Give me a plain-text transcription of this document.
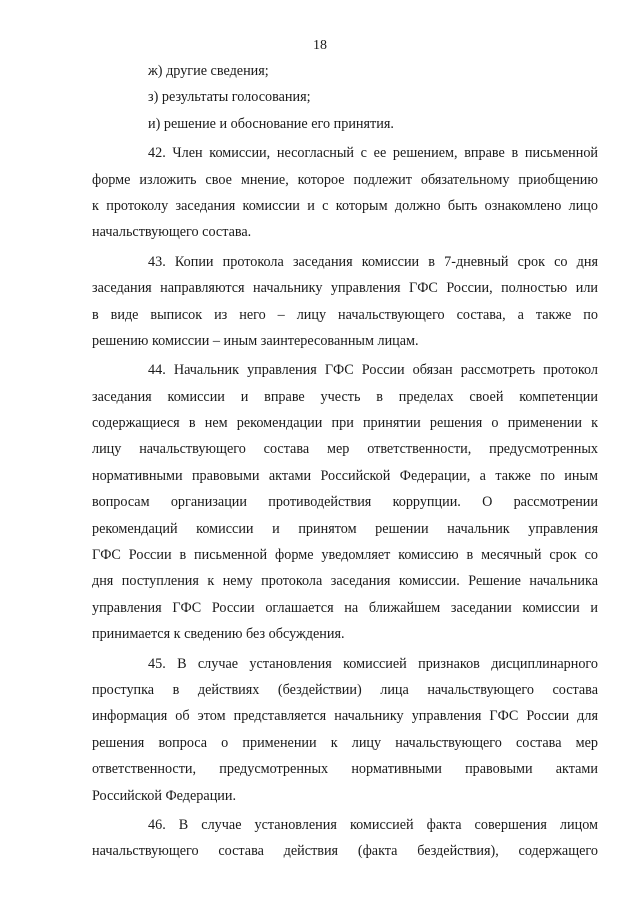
18

ж) другие сведения;

з) результаты голосования;

и) решение и обоснование его принятия.

42. Член комиссии, несогласный с ее решением, вправе в письменной
форме изложить свое мнение, которое подлежит обязательному приобщению
к протоколу заседания комиссии и с которым должно быть ознакомлено лицо
начальствующего состава.

43. Копии протокола заседания комиссии в 7-дневный срок со дня
заседания направляются начальнику управления ГФС России, полностью или
в виде выписок из него – лицу начальствующего состава, а также по
решению комиссии – иным заинтересованным лицам.

44. Начальник управления ГФС России обязан рассмотреть протокол
заседания комиссии и вправе учесть в пределах своей компетенции
содержащиеся в нем рекомендации при принятии решения о применении к
лицу начальствующего состава мер ответственности, предусмотренных
нормативными правовыми актами Российской Федерации, а также по иным
вопросам организации противодействия коррупции. О рассмотрении
рекомендаций комиссии и принятом решении начальник управления
ГФС России в письменной форме уведомляет комиссию в месячный срок со
дня поступления к нему протокола заседания комиссии. Решение начальника
управления ГФС России оглашается на ближайшем заседании комиссии и
принимается к сведению без обсуждения.

45. В случае установления комиссией признаков дисциплинарного
проступка в действиях (бездействии) лица начальствующего состава
информация об этом представляется начальнику управления ГФС России для
решения вопроса о применении к лицу начальствующего состава мер
ответственности, предусмотренных нормативными правовыми актами
Российской Федерации.

46. В случае установления комиссией факта совершения лицом
начальствующего состава действия (факта бездействия), содержащего
